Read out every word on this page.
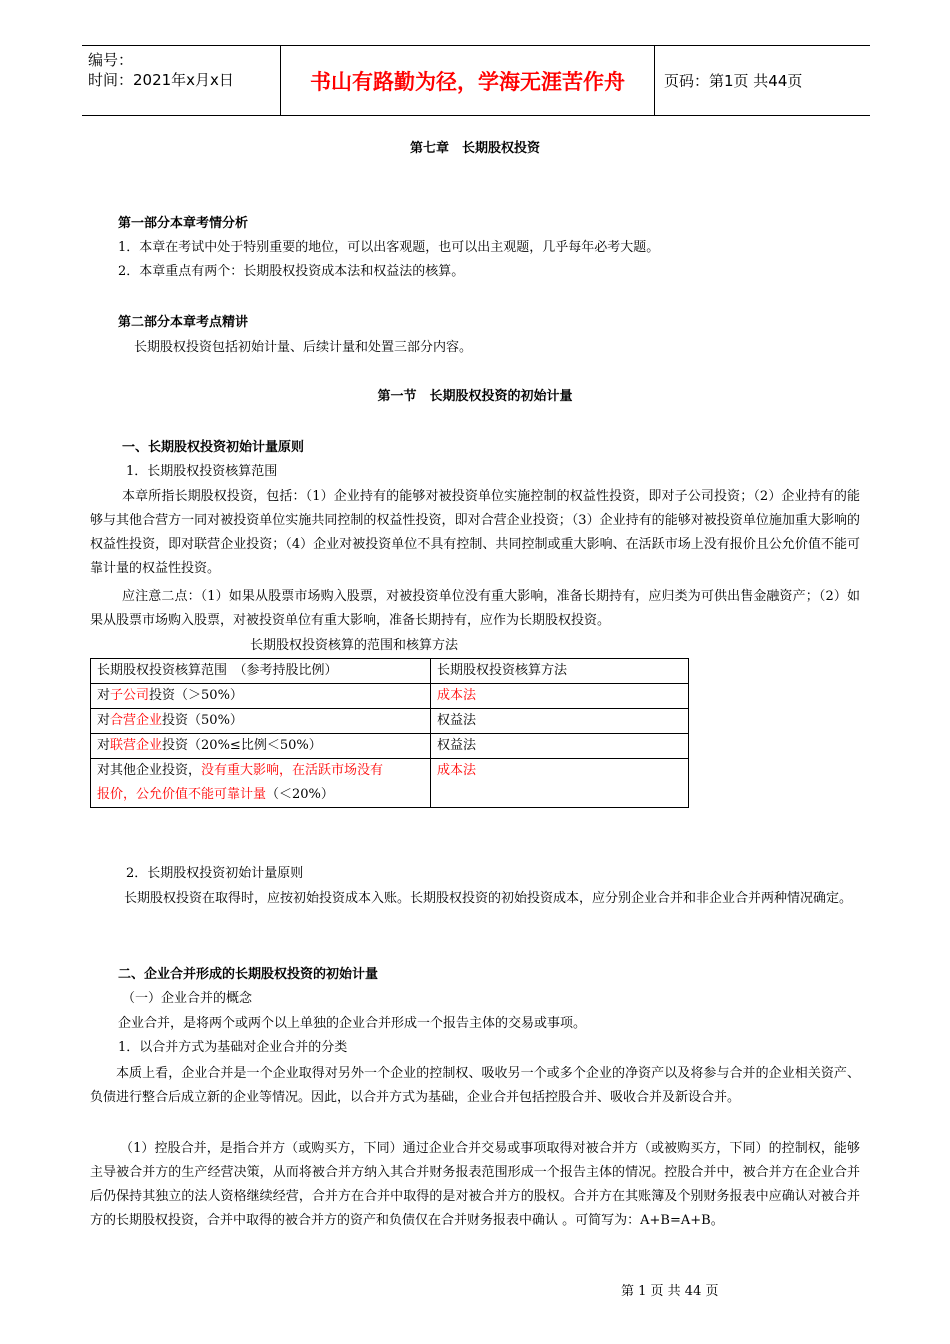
编号：
时间：2021年x月x日	书山有路勤为径，学海无涯苦作舟	页码：第1页 共44页
第七章　长期股权投资
第一部分本章考情分析
1．本章在考试中处于特别重要的地位，可以出客观题，也可以出主观题，几乎每年必考大题。
2．本章重点有两个：长期股权投资成本法和权益法的核算。
第二部分本章考点精讲
长期股权投资包括初始计量、后续计量和处置三部分内容。
第一节　长期股权投资的初始计量
一、长期股权投资初始计量原则
1．长期股权投资核算范围
本章所指长期股权投资，包括：（1）企业持有的能够对被投资单位实施控制的权益性投资，即对子公司投资；（2）企业持有的能够与其他合营方一同对被投资单位实施共同控制的权益性投资，即对合营企业投资；（3）企业持有的能够对被投资单位施加重大影响的权益性投资，即对联营企业投资；（4）企业对被投资单位不具有控制、共同控制或重大影响、在活跃市场上没有报价且公允价值不能可靠计量的权益性投资。
应注意二点：（1）如果从股票市场购入股票，对被投资单位没有重大影响，准备长期持有，应归类为可供出售金融资产；（2）如果从股票市场购入股票，对被投资单位有重大影响，准备长期持有，应作为长期股权投资。
长期股权投资核算的范围和核算方法
长期股权投资核算范围　（参考持股比例）	长期股权投资核算方法
对子公司投资（＞50%）	成本法
对合营企业投资（50%）	权益法
对联营企业投资（20%≤比例＜50%）	权益法
对其他企业投资，没有重大影响，在活跃市场没有
报价，公允价值不能可靠计量（＜20%）	成本法
2．长期股权投资初始计量原则
长期股权投资在取得时，应按初始投资成本入账。长期股权投资的初始投资成本，应分别企业合并和非企业合并两种情况确定。
二、企业合并形成的长期股权投资的初始计量
（一）企业合并的概念
企业合并，是将两个或两个以上单独的企业合并形成一个报告主体的交易或事项。
1．以合并方式为基础对企业合并的分类
本质上看，企业合并是一个企业取得对另外一个企业的控制权、吸收另一个或多个企业的净资产以及将参与合并的企业相关资产、负债进行整合后成立新的企业等情况。因此，以合并方式为基础，企业合并包括控股合并、吸收合并及新设合并。
（1）控股合并，是指合并方（或购买方，下同）通过企业合并交易或事项取得对被合并方（或被购买方，下同）的控制权，能够主导被合并方的生产经营决策，从而将被合并方纳入其合并财务报表范围形成一个报告主体的情况。控股合并中，被合并方在企业合并后仍保持其独立的法人资格继续经营，合并方在合并中取得的是对被合并方的股权。合并方在其账簿及个别财务报表中应确认对被合并方的长期股权投资，合并中取得的被合并方的资产和负债仅在合并财务报表中确认 。可简写为：A+B=A+B。
第 1 页 共 44 页
